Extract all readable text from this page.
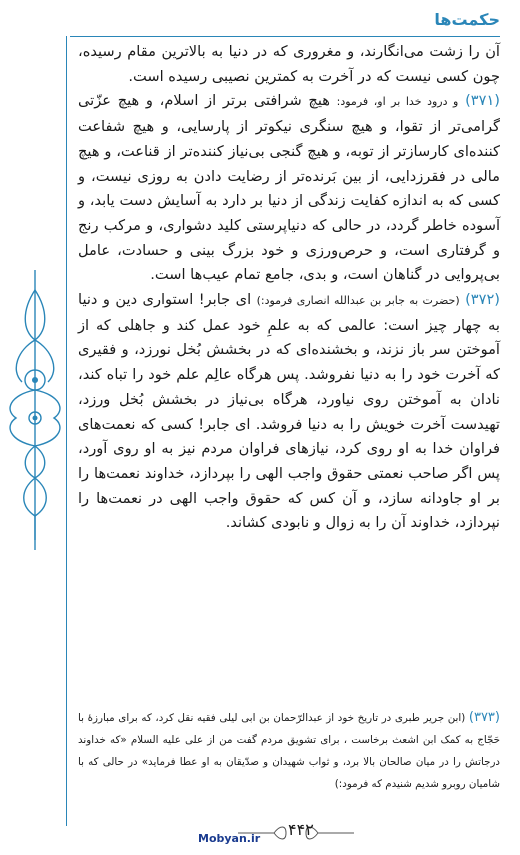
حکمت‌ها

آن را زشت می‌انگارند، و مغروری که در دنیا به بالاترین مقام رسیده، چون کسی نیست که در آخرت به کمترین نصیبی رسیده است.

(۳۷۱) و درود خدا بر او، فرمود: هیچ شرافتی برتر از اسلام، و هیچ عزّتی گرامی‌تر از تقوا، و هیچ سنگری نیکوتر از پارسایی، و هیچ شفاعت کننده‌ای کارسازتر از توبه، و هیچ گنجی بی‌نیاز کننده‌تر از قناعت، و هیچ مالی در فقرزدایی، از بین بَرنده‌تر از رضایت دادن به روزی نیست، و کسی که به اندازه کفایت زندگی از دنیا بر دارد به آسایش دست یابد، و آسوده خاطر گردد، در حالی که دنیاپرستی کلید دشواری، و مرکب رنج و گرفتاری است، و حرص‌ورزی و خود بزرگ بینی و حسادت، عامل بی‌پروایی در گناهان است، و بدی، جامع تمام عیب‌ها است.

(۳۷۲) (حضرت به جابر بن عبدالله انصاری فرمود:) ای جابر! استواری دین و دنیا به چهار چیز است: عالمی که به علمِ خود عمل کند و جاهلی که از آموختن سر باز نزند، و بخشنده‌ای که در بخشش بُخل نورزد، و فقیری که آخرت خود را به دنیا نفروشد. پس هرگاه عالِم علم خود را تباه کند، نادان به آموختن روی نیاورد، هرگاه بی‌نیاز در بخشش بُخل ورزد، تهیدست آخرت خویش را به دنیا فروشد. ای جابر! کسی که نعمت‌های فراوان خدا به او روی کرد، نیازهای فراوان مردم نیز به او روی آورد، پس اگر صاحب نعمتی حقوق واجب الهی را بپردازد، خداوند نعمت‌ها را بر او جاودانه سازد، و آن کس که حقوق واجب الهی در نعمت‌ها را نپردازد، خداوند آن را به زوال و نابودی کشاند.

(۳۷۳) (ابن جریر طبری در تاریخ خود از عبدالرّحمان بن ابی لیلی فقیه نقل کرد، که برای مبارزهٔ با حَجّاج به کمک ابن اشعث برخاست ، برای تشویق مردم گفت من از علی علیه السلام «که خداوند درجاتش را در میان صالحان بالا برد، و ثواب شهیدان و صدّیقان به او عطا فرماید» در حالی که با شامیان روبرو شدیم شنیدم که فرمود:)
Mobyan.ir ۴۴۲
